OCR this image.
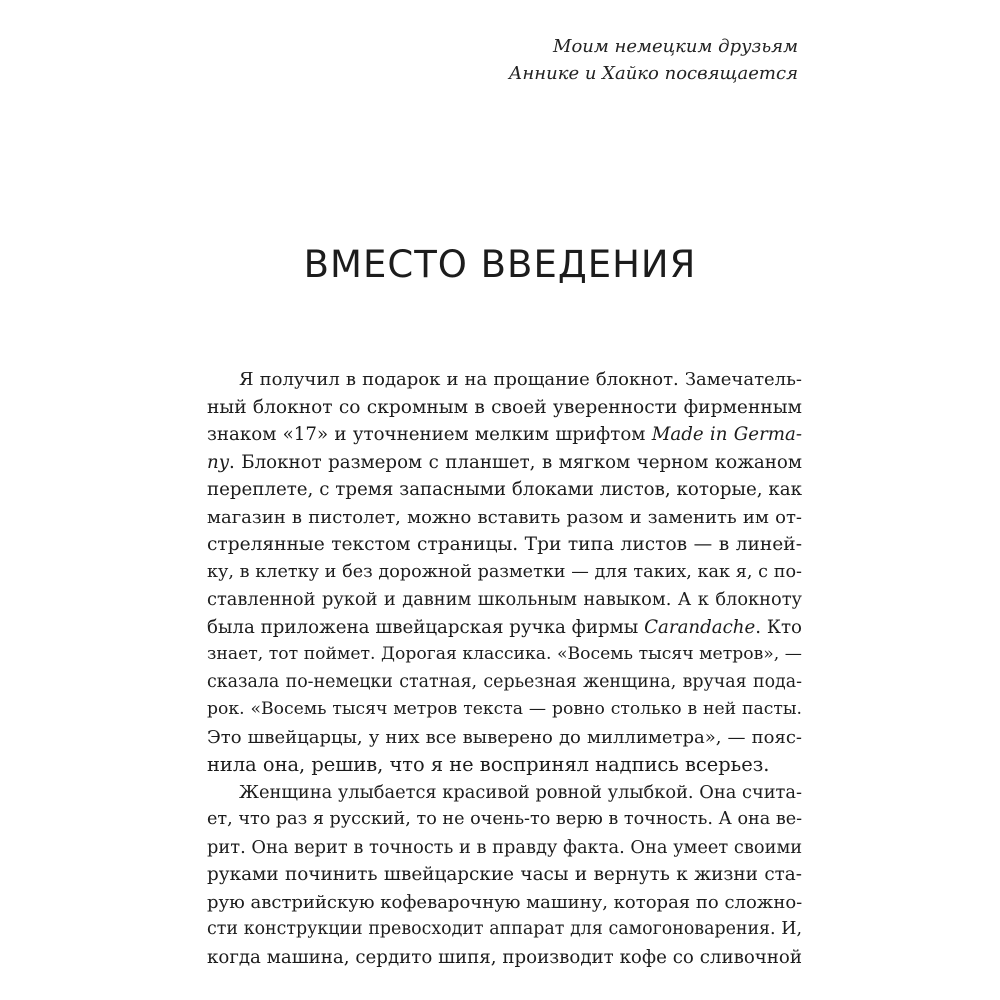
Моим немецким друзьям
Аннике и Хайко посвящается
ВМЕСТО ВВЕДЕНИЯ
Я получил в подарок и на прощание блокнот. Замечатель-
ный блокнот со скромным в своей уверенности фирменным
знаком «17» и уточнением мелким шрифтом Made in Germa-
ny. Блокнот размером с планшет, в мягком черном кожаном
переплете, с тремя запасными блоками листов, которые, как
магазин в пистолет, можно вставить разом и заменить им от-
стрелянные текстом страницы. Три типа листов — в линей-
ку, в клетку и без дорожной разметки — для таких, как я, с по-
ставленной рукой и давним школьным навыком. А к блокноту
была приложена швейцарская ручка фирмы Carandache. Кто
знает, тот поймет. Дорогая классика. «Восемь тысяч метров», —
сказала по-немецки статная, серьезная женщина, вручая пода-
рок. «Восемь тысяч метров текста — ровно столько в ней пасты.
Это швейцарцы, у них все выверено до миллиметра», — пояс-
нила она, решив, что я не воспринял надпись всерьез.
Женщина улыбается красивой ровной улыбкой. Она счита-
ет, что раз я русский, то не очень-то верю в точность. А она ве-
рит. Она верит в точность и в правду факта. Она умеет своими
руками починить швейцарские часы и вернуть к жизни ста-
рую австрийскую кофеварочную машину, которая по сложно-
сти конструкции превосходит аппарат для самогоноварения. И,
когда машина, сердито шипя, производит кофе со сливочной
